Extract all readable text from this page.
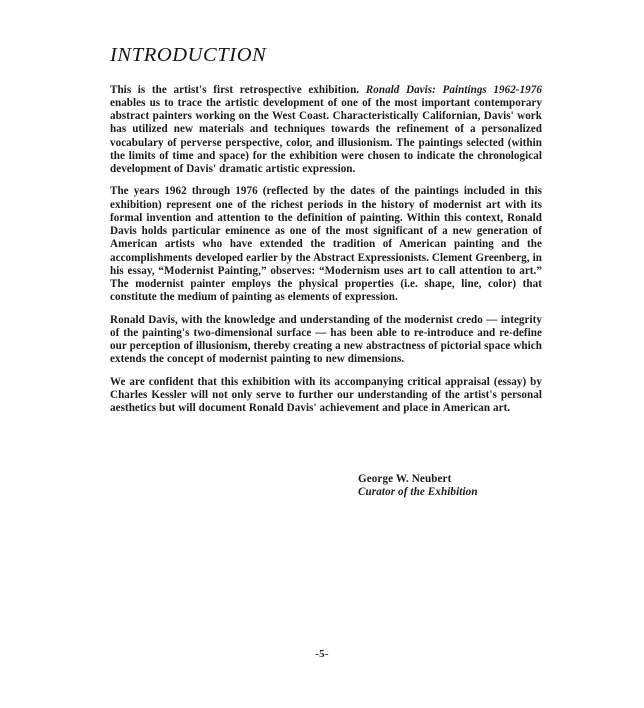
INTRODUCTION

This is the artist's first retrospective exhibition. Ronald Davis: Paintings 1962-1976 enables us to trace the artistic development of one of the most important contemporary abstract painters working on the West Coast. Characteristically Californian, Davis' work has utilized new materials and techniques towards the refinement of a personalized vocabulary of perverse perspective, color, and illusionism. The paintings selected (within the limits of time and space) for the exhibition were chosen to indicate the chronological development of Davis' dramatic artistic expression.

The years 1962 through 1976 (reflected by the dates of the paintings included in this exhibition) represent one of the richest periods in the history of modernist art with its formal invention and attention to the definition of painting. Within this context, Ronald Davis holds particular eminence as one of the most significant of a new generation of American artists who have extended the tradition of American painting and the accomplishments developed earlier by the Abstract Expressionists. Clement Greenberg, in his essay, “Modernist Painting,” observes: “Modernism uses art to call attention to art.” The modernist painter employs the physical properties (i.e. shape, line, color) that constitute the medium of painting as elements of expression.

Ronald Davis, with the knowledge and understanding of the modernist credo — integrity of the painting's two-dimensional surface — has been able to re-introduce and re-define our perception of illusionism, thereby creating a new abstractness of pictorial space which extends the concept of modernist painting to new dimensions.

We are confident that this exhibition with its accompanying critical appraisal (essay) by Charles Kessler will not only serve to further our understanding of the artist's personal aesthetics but will document Ronald Davis' achievement and place in American art.

George W. Neubert
Curator of the Exhibition
-5-
